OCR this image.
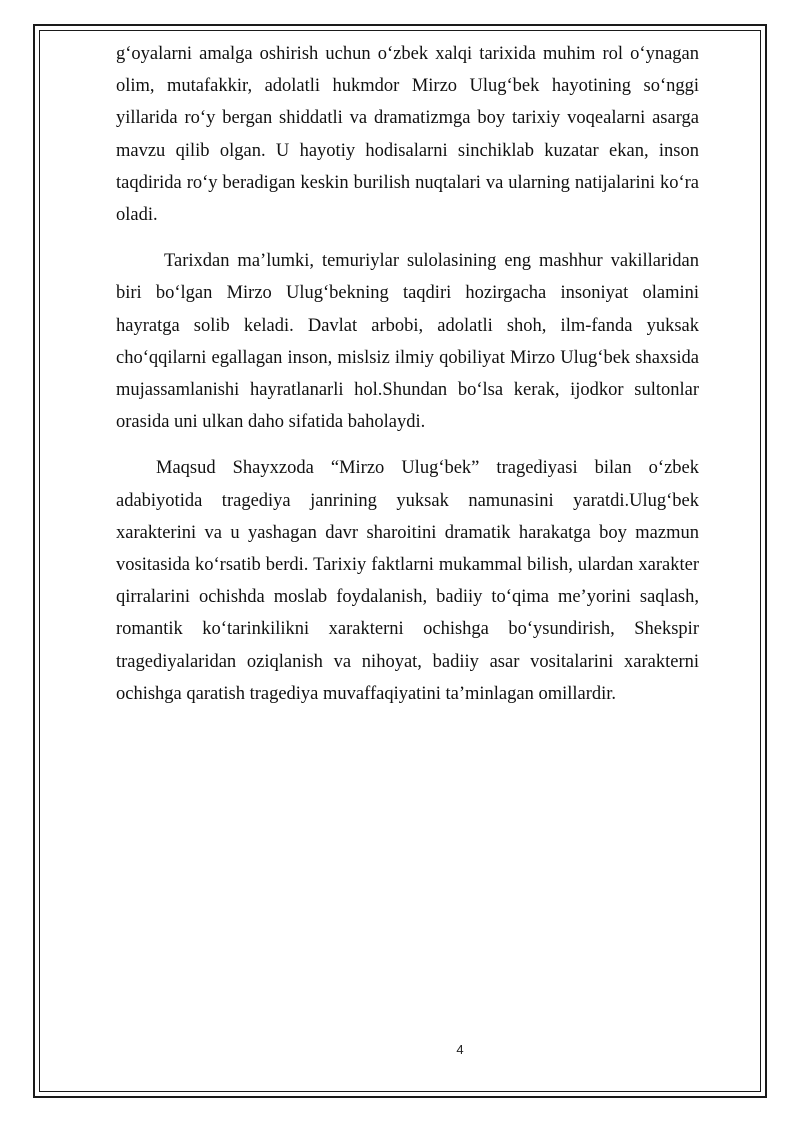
g‘oyalarni amalga oshirish uchun o‘zbek xalqi tarixida muhim rol o‘ynagan olim, mutafakkir, adolatli hukmdor Mirzo Ulug‘bek hayotining so‘nggi yillarida ro‘y bergan shiddatli va dramatizmga boy tarixiy voqealarni asarga mavzu qilib olgan. U hayotiy hodisalarni sinchiklab kuzatar ekan, inson taqdirida ro‘y beradigan keskin burilish nuqtalari va ularning natijalarini ko‘ra oladi.

Tarixdan ma’lumki, temuriylar sulolasining eng mashhur vakillaridan biri bo‘lgan Mirzo Ulug‘bekning taqdiri hozirgacha insoniyat olamini hayratga solib keladi. Davlat arbobi, adolatli shoh, ilm-fanda yuksak cho‘qqilarni egallagan inson, mislsiz ilmiy qobiliyat Mirzo Ulug‘bek shaxsida mujassamlanishi hayratlanarli hol.Shundan bo‘lsa kerak, ijodkor sultonlar orasida uni ulkan daho sifatida baholaydi.

Maqsud Shayxzoda “Mirzo Ulug‘bek” tragediyasi bilan o‘zbek adabiyotida tragediya janrining yuksak namunasini yaratdi.Ulug‘bek xarakterini va u yashagan davr sharoitini dramatik harakatga boy mazmun vositasida ko‘rsatib berdi. Tarixiy faktlarni mukammal bilish, ulardan xarakter qirralarini ochishda moslab foydalanish, badiiy to‘qima me’yorini saqlash, romantik ko‘tarinkilikni xarakterni ochishga bo‘ysundirish, Shekspir tragediyalaridan oziqlanish va nihoyat, badiiy asar vositalarini xarakterni ochishga qaratish tragediya muvaffaqiyatini ta’minlagan omillardir.

4
